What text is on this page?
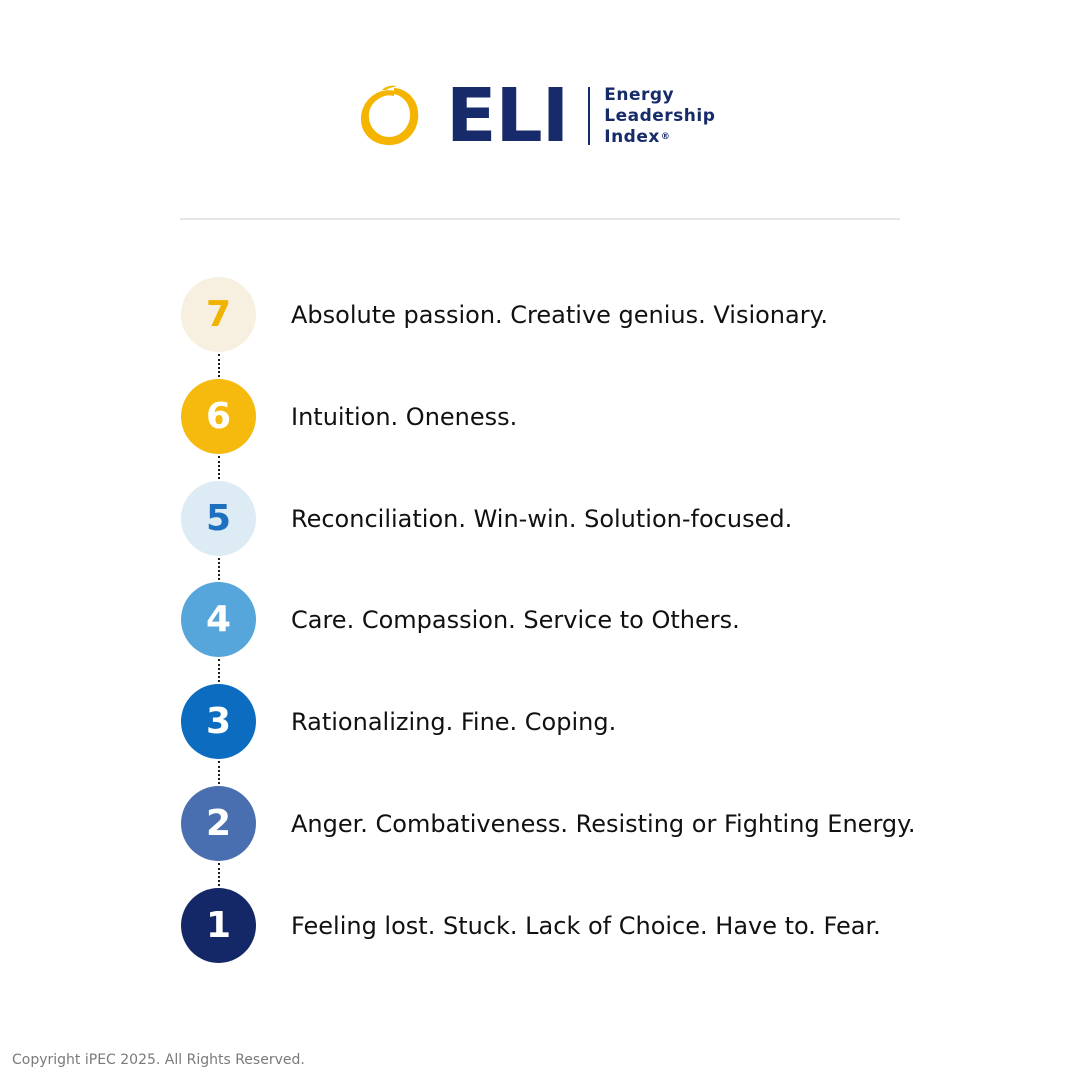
ELI Energy
Leadership
Index®
7	Absolute passion. Creative genius. Visionary.
6	Intuition. Oneness.
5	Reconciliation. Win-win. Solution-focused.
4	Care. Compassion. Service to Others.
3	Rationalizing. Fine. Coping.
2	Anger. Combativeness. Resisting or Fighting Energy.
1	Feeling lost. Stuck. Lack of Choice. Have to. Fear.
Copyright iPEC 2025. All Rights Reserved.
